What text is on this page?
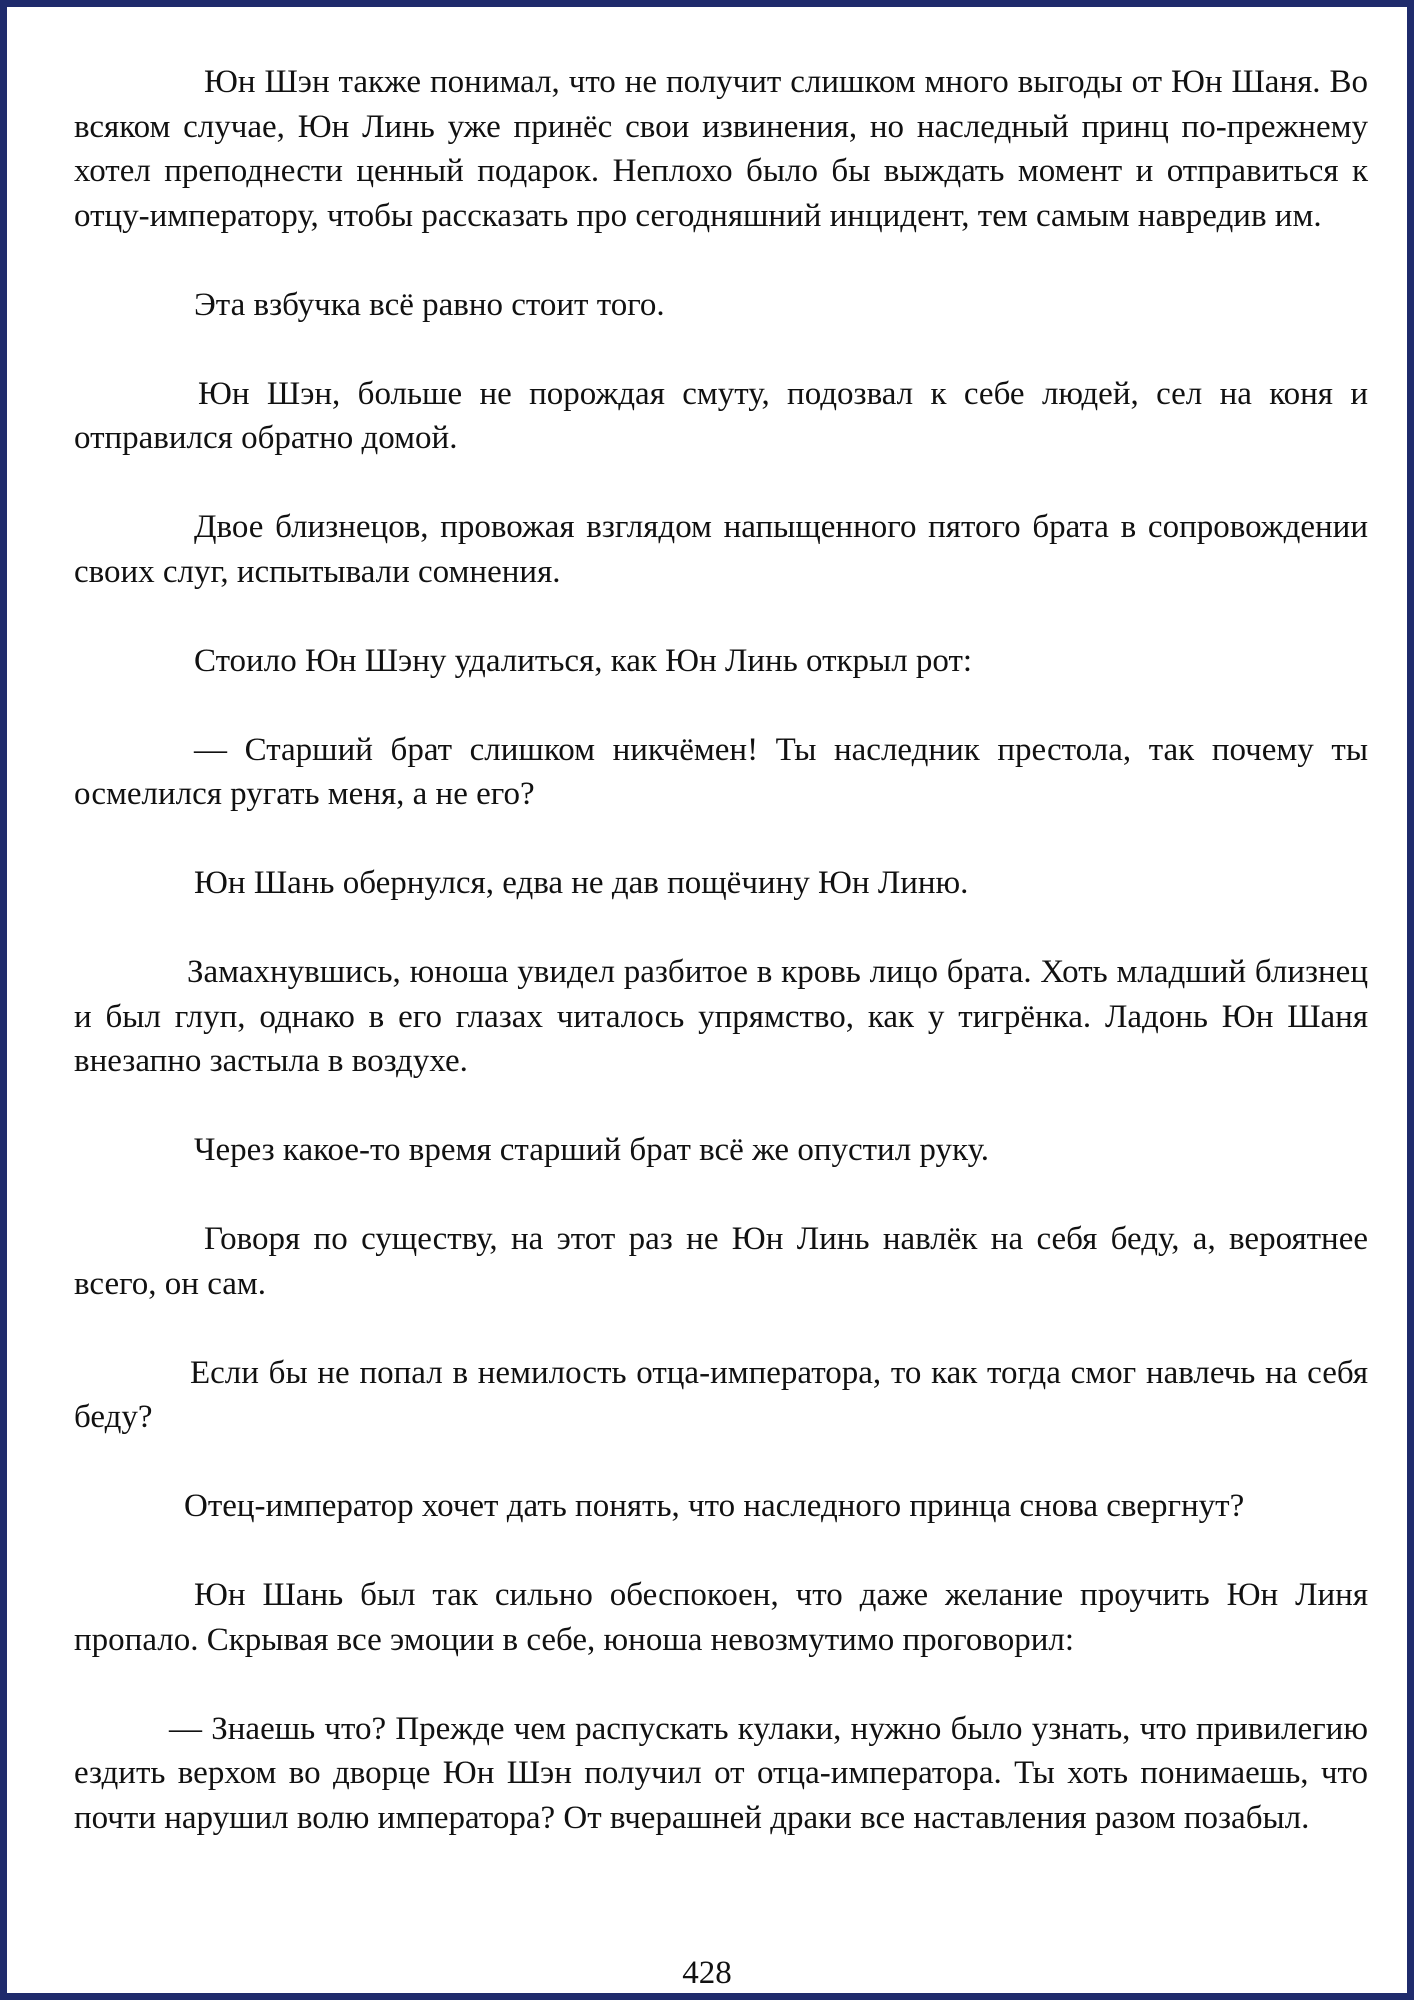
Юн Шэн также понимал, что не получит слишком много выгоды от Юн Шаня. Во всяком случае, Юн Линь уже принёс свои извинения, но наследный принц по-прежнему хотел преподнести ценный подарок. Неплохо было бы выждать момент и отправиться к отцу-императору, чтобы рассказать про сегодняшний инцидент, тем самым навредив им.

Эта взбучка всё равно стоит того.

Юн Шэн, больше не порождая смуту, подозвал к себе людей, сел на коня и отправился обратно домой.

Двое близнецов, провожая взглядом напыщенного пятого брата в сопровождении своих слуг, испытывали сомнения.

Стоило Юн Шэну удалиться, как Юн Линь открыл рот:

— Старший брат слишком никчёмен! Ты наследник престола, так почему ты осмелился ругать меня, а не его?

Юн Шань обернулся, едва не дав пощёчину Юн Линю.

Замахнувшись, юноша увидел разбитое в кровь лицо брата. Хоть младший близнец и был глуп, однако в его глазах читалось упрямство, как у тигрёнка. Ладонь Юн Шаня внезапно застыла в воздухе.

Через какое-то время старший брат всё же опустил руку.

Говоря по существу, на этот раз не Юн Линь навлёк на себя беду, а, вероятнее всего, он сам.

Если бы не попал в немилость отца-императора, то как тогда смог навлечь на себя беду?

Отец-император хочет дать понять, что наследного принца снова свергнут?

Юн Шань был так сильно обеспокоен, что даже желание проучить Юн Линя пропало. Скрывая все эмоции в себе, юноша невозмутимо проговорил:

— Знаешь что? Прежде чем распускать кулаки, нужно было узнать, что привилегию ездить верхом во дворце Юн Шэн получил от отца-императора. Ты хоть понимаешь, что почти нарушил волю императора? От вчерашней драки все наставления разом позабыл.

428
